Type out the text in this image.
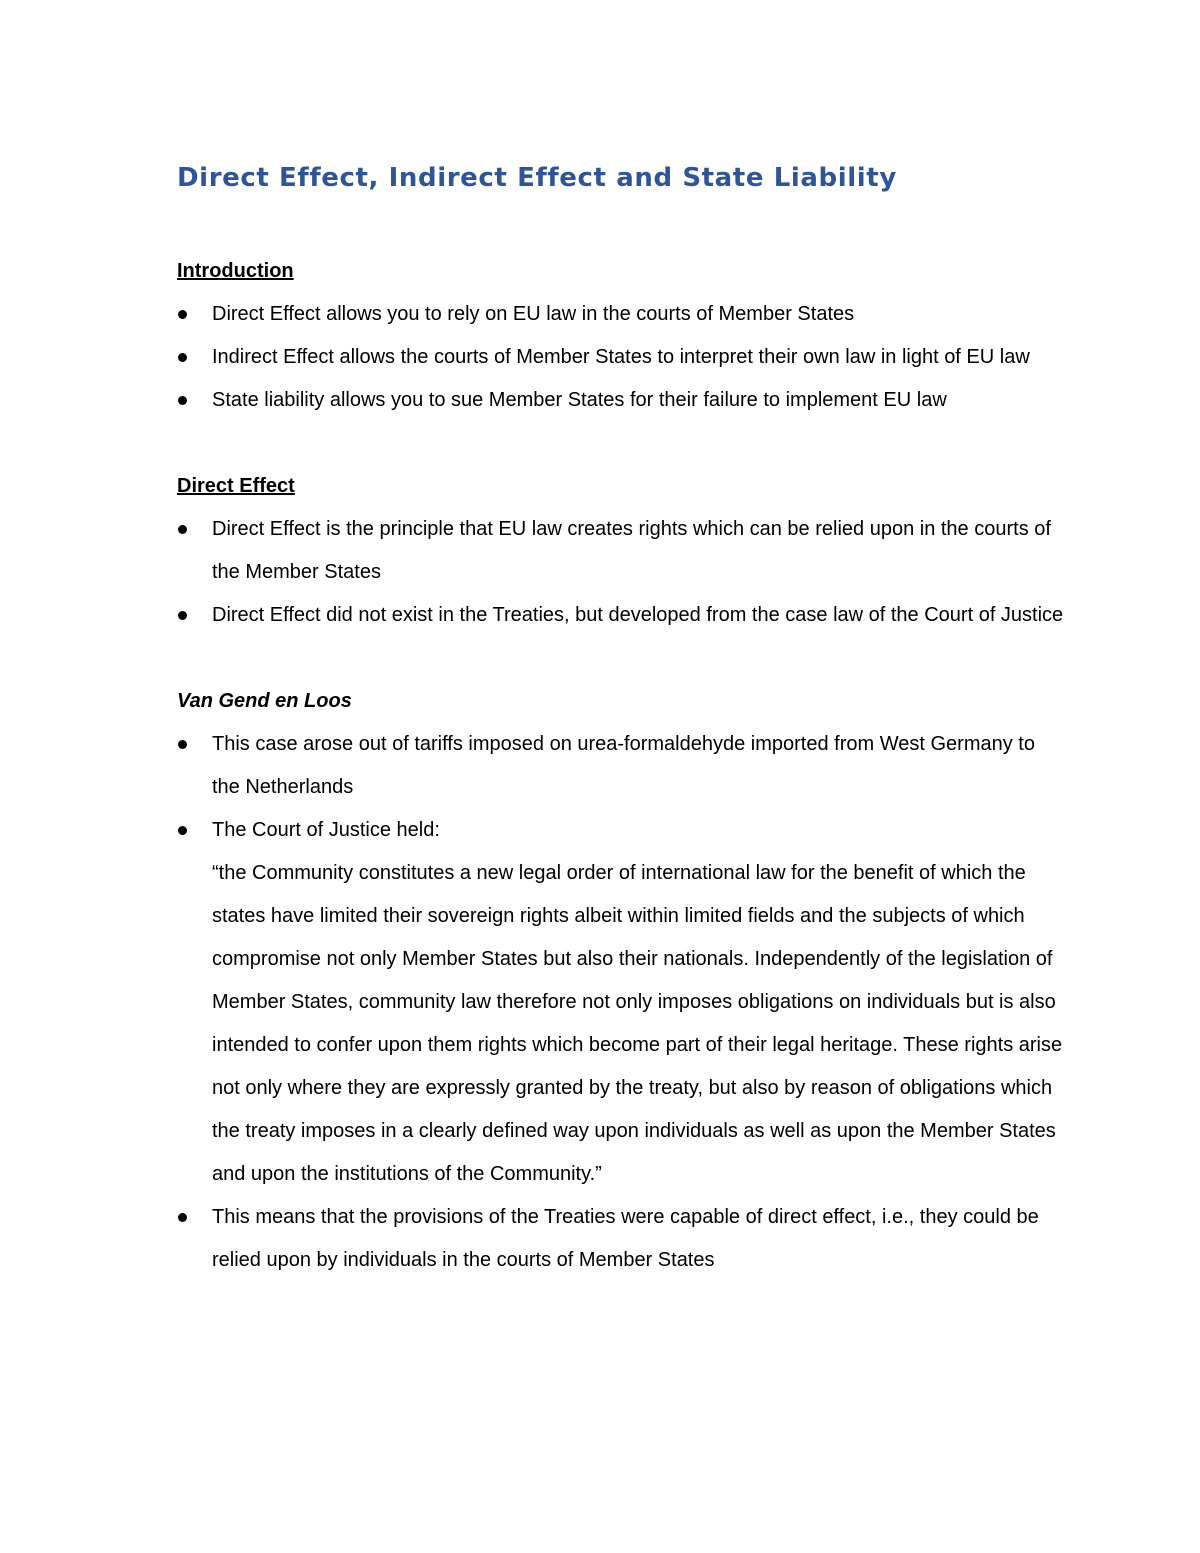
Direct Effect, Indirect Effect and State Liability
Introduction
Direct Effect allows you to rely on EU law in the courts of Member States
Indirect Effect allows the courts of Member States to interpret their own law in light of EU law
State liability allows you to sue Member States for their failure to implement EU law
Direct Effect
Direct Effect is the principle that EU law creates rights which can be relied upon in the courts of the Member States
Direct Effect did not exist in the Treaties, but developed from the case law of the Court of Justice
Van Gend en Loos
This case arose out of tariffs imposed on urea-formaldehyde imported from West Germany to the Netherlands
The Court of Justice held:
“the Community constitutes a new legal order of international law for the benefit of which the states have limited their sovereign rights albeit within limited fields and the subjects of which compromise not only Member States but also their nationals. Independently of the legislation of Member States, community law therefore not only imposes obligations on individuals but is also intended to confer upon them rights which become part of their legal heritage. These rights arise not only where they are expressly granted by the treaty, but also by reason of obligations which the treaty imposes in a clearly defined way upon individuals as well as upon the Member States and upon the institutions of the Community.”
This means that the provisions of the Treaties were capable of direct effect, i.e., they could be relied upon by individuals in the courts of Member States
